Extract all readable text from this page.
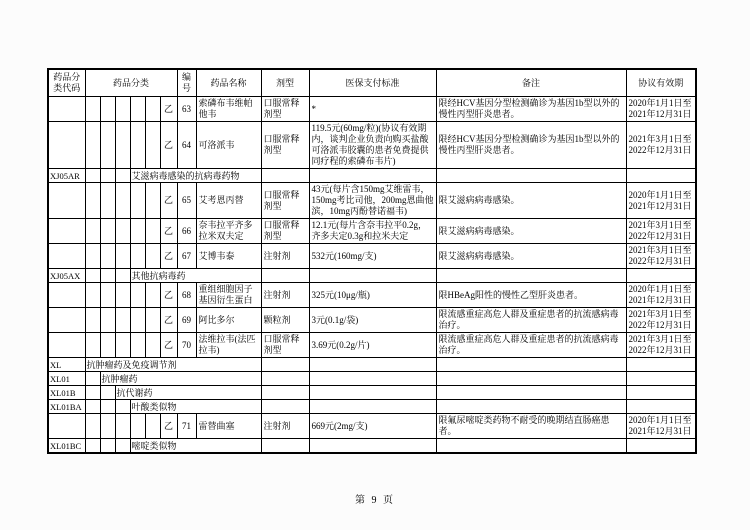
药品分类代码	药品分类						编号	药品名称	剂型	医保支付标准	备注	协议有效期
						乙	63	索磷布韦维帕他韦	口服常释剂型	*	限经HCV基因分型检测确诊为基因1b型以外的慢性丙型肝炎患者。	2020年1月1日至2021年12月31日
						乙	64	可洛派韦	口服常释剂型	119.5元(60mg/粒)(协议有效期内，谈判企业负责向购买盐酸可洛派韦胶囊的患者免费提供同疗程的索磷布韦片)	限经HCV基因分型检测确诊为基因1b型以外的慢性丙型肝炎患者。	2021年3月1日至2022年12月31日
XJ05AR				艾滋病毒感染的抗病毒药物								
						乙	65	艾考恩丙替	口服常释剂型	43元(每片含150mg艾维雷韦，150mg考比司他，200mg恩曲他滨，10mg丙酚替诺福韦)	限艾滋病病毒感染。	2020年1月1日至2021年12月31日
						乙	66	奈韦拉平齐多拉米双夫定	口服常释剂型	12.1元(每片含奈韦拉平0.2g，齐多夫定0.3g和拉米夫定	限艾滋病病毒感染。	2021年3月1日至2022年12月31日
						乙	67	艾博韦泰	注射剂	532元(160mg/支)	限艾滋病病毒感染。	2021年3月1日至2022年12月31日
XJ05AX				其他抗病毒药								
						乙	68	重组细胞因子基因衍生蛋白	注射剂	325元(10μg/瓶)	限HBeAg阳性的慢性乙型肝炎患者。	2020年1月1日至2021年12月31日
						乙	69	阿比多尔	颗粒剂	3元(0.1g/袋)	限流感重症高危人群及重症患者的抗流感病毒治疗。	2021年3月1日至2022年12月31日
						乙	70	法维拉韦(法匹拉韦)	口服常释剂型	3.69元(0.2g/片)	限流感重症高危人群及重症患者的抗流感病毒治疗。	2021年3月1日至2022年12月31日
XL	抗肿瘤药及免疫调节剂											
XL01		抗肿瘤药										
XL01B			抗代谢药									
XL01BA				叶酸类似物								
						乙	71	雷替曲塞	注射剂	669元(2mg/支)	限氟尿嘧啶类药物不耐受的晚期结直肠癌患者。	2020年1月1日至2021年12月31日
XL01BC				嘧啶类似物								
第 9 页
